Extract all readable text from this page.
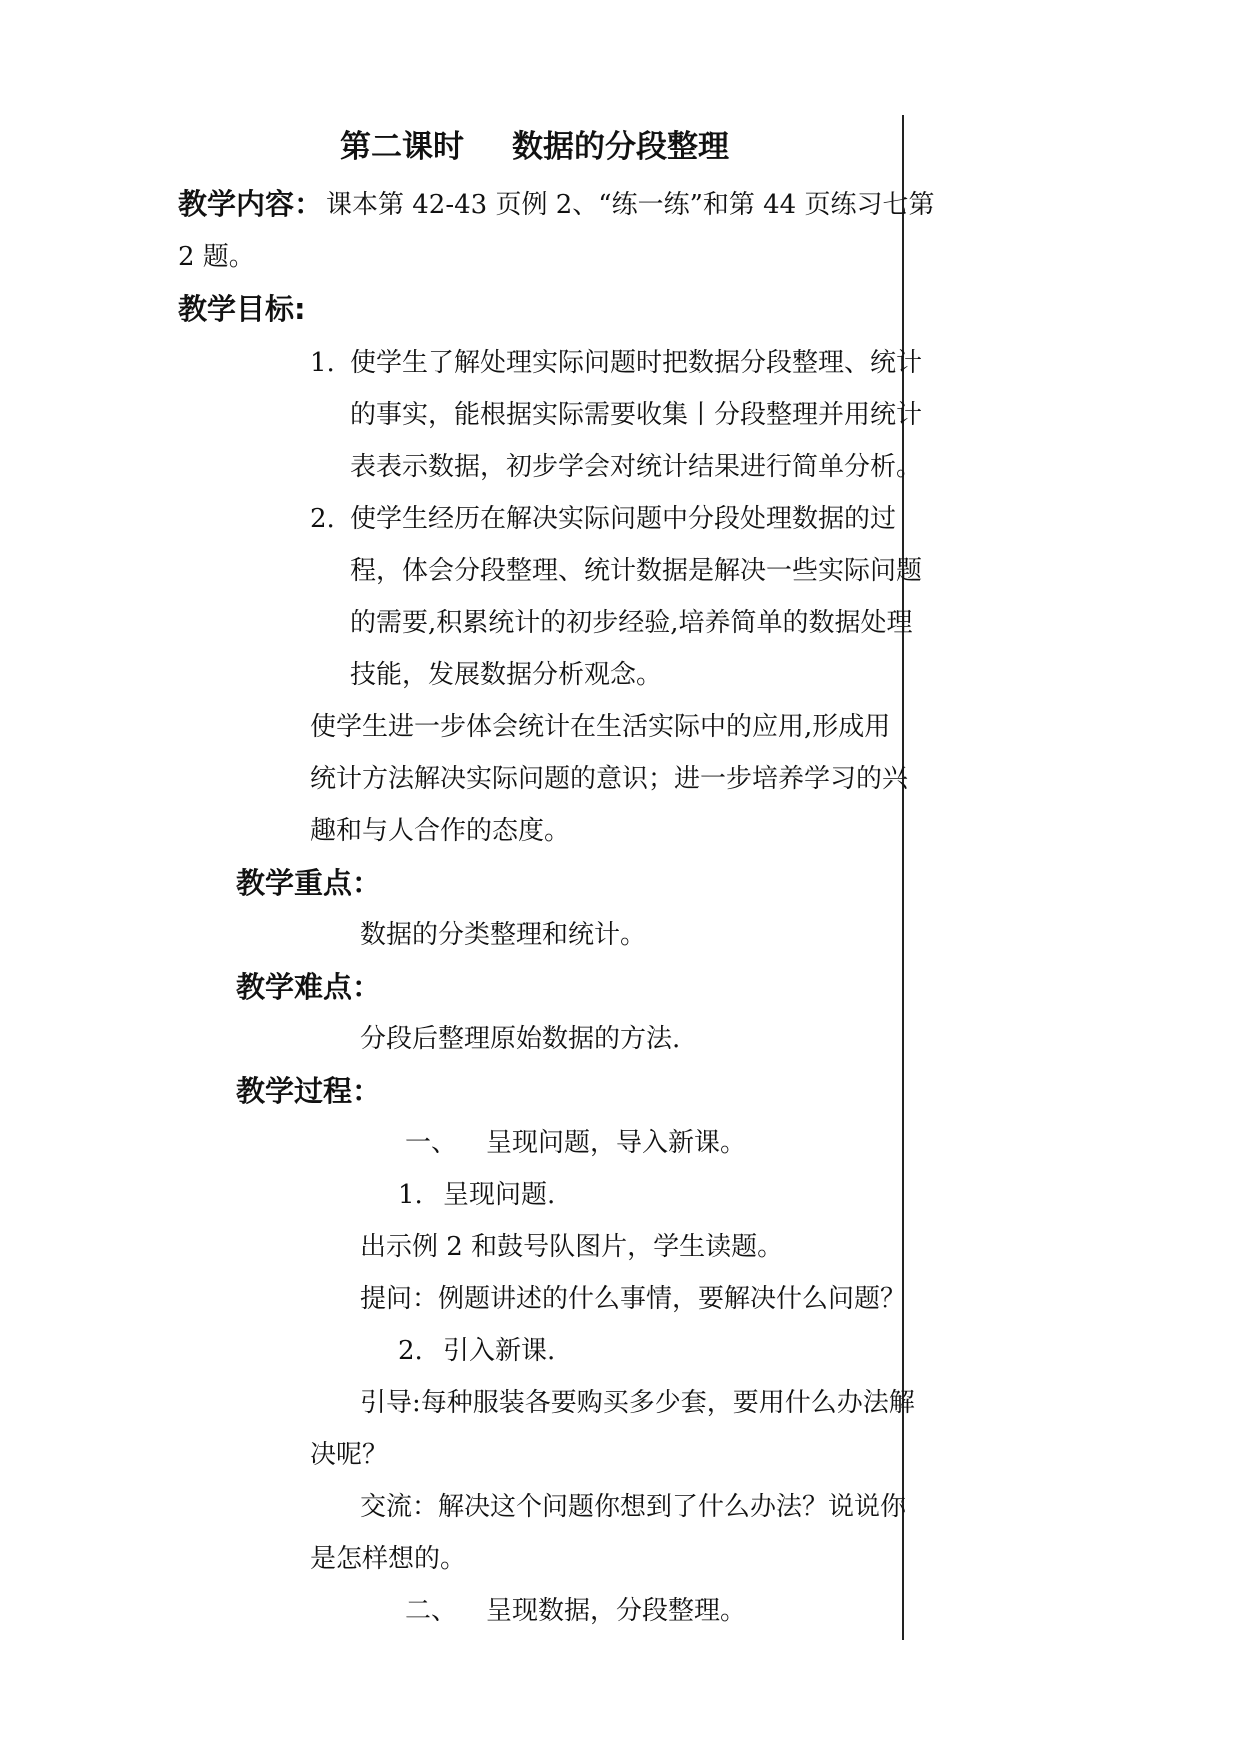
第二课时 数据的分段整理
教学内容： 课本第 42-43 页例 2、“练一练”和第 44 页练习七第
2 题。
教学目标:
1. 使学生了解处理实际问题时把数据分段整理、统计
的事实，能根据实际需要收集丨分段整理并用统计
表表示数据，初步学会对统计结果进行简单分析。
2. 使学生经历在解决实际问题中分段处理数据的过
程，体会分段整理、统计数据是解决一些实际问题
的需要,积累统计的初步经验,培养简单的数据处理
技能，发展数据分析观念。
使学生进一步体会统计在生活实际中的应用,形成用
统计方法解决实际问题的意识；进一步培养学习的兴
趣和与人合作的态度。
教学重点：
数据的分类整理和统计。
教学难点：
分段后整理原始数据的方法.
教学过程：
一、 呈现问题，导入新课。
1. 呈现问题.
出示例 2 和鼓号队图片，学生读题。
提问：例题讲述的什么事情，要解决什么问题？
2. 引入新课.
引导:每种服装各要购买多少套，要用什么办法解
决呢？
交流：解决这个问题你想到了什么办法？说说你
是怎样想的。
二、 呈现数据，分段整理。
